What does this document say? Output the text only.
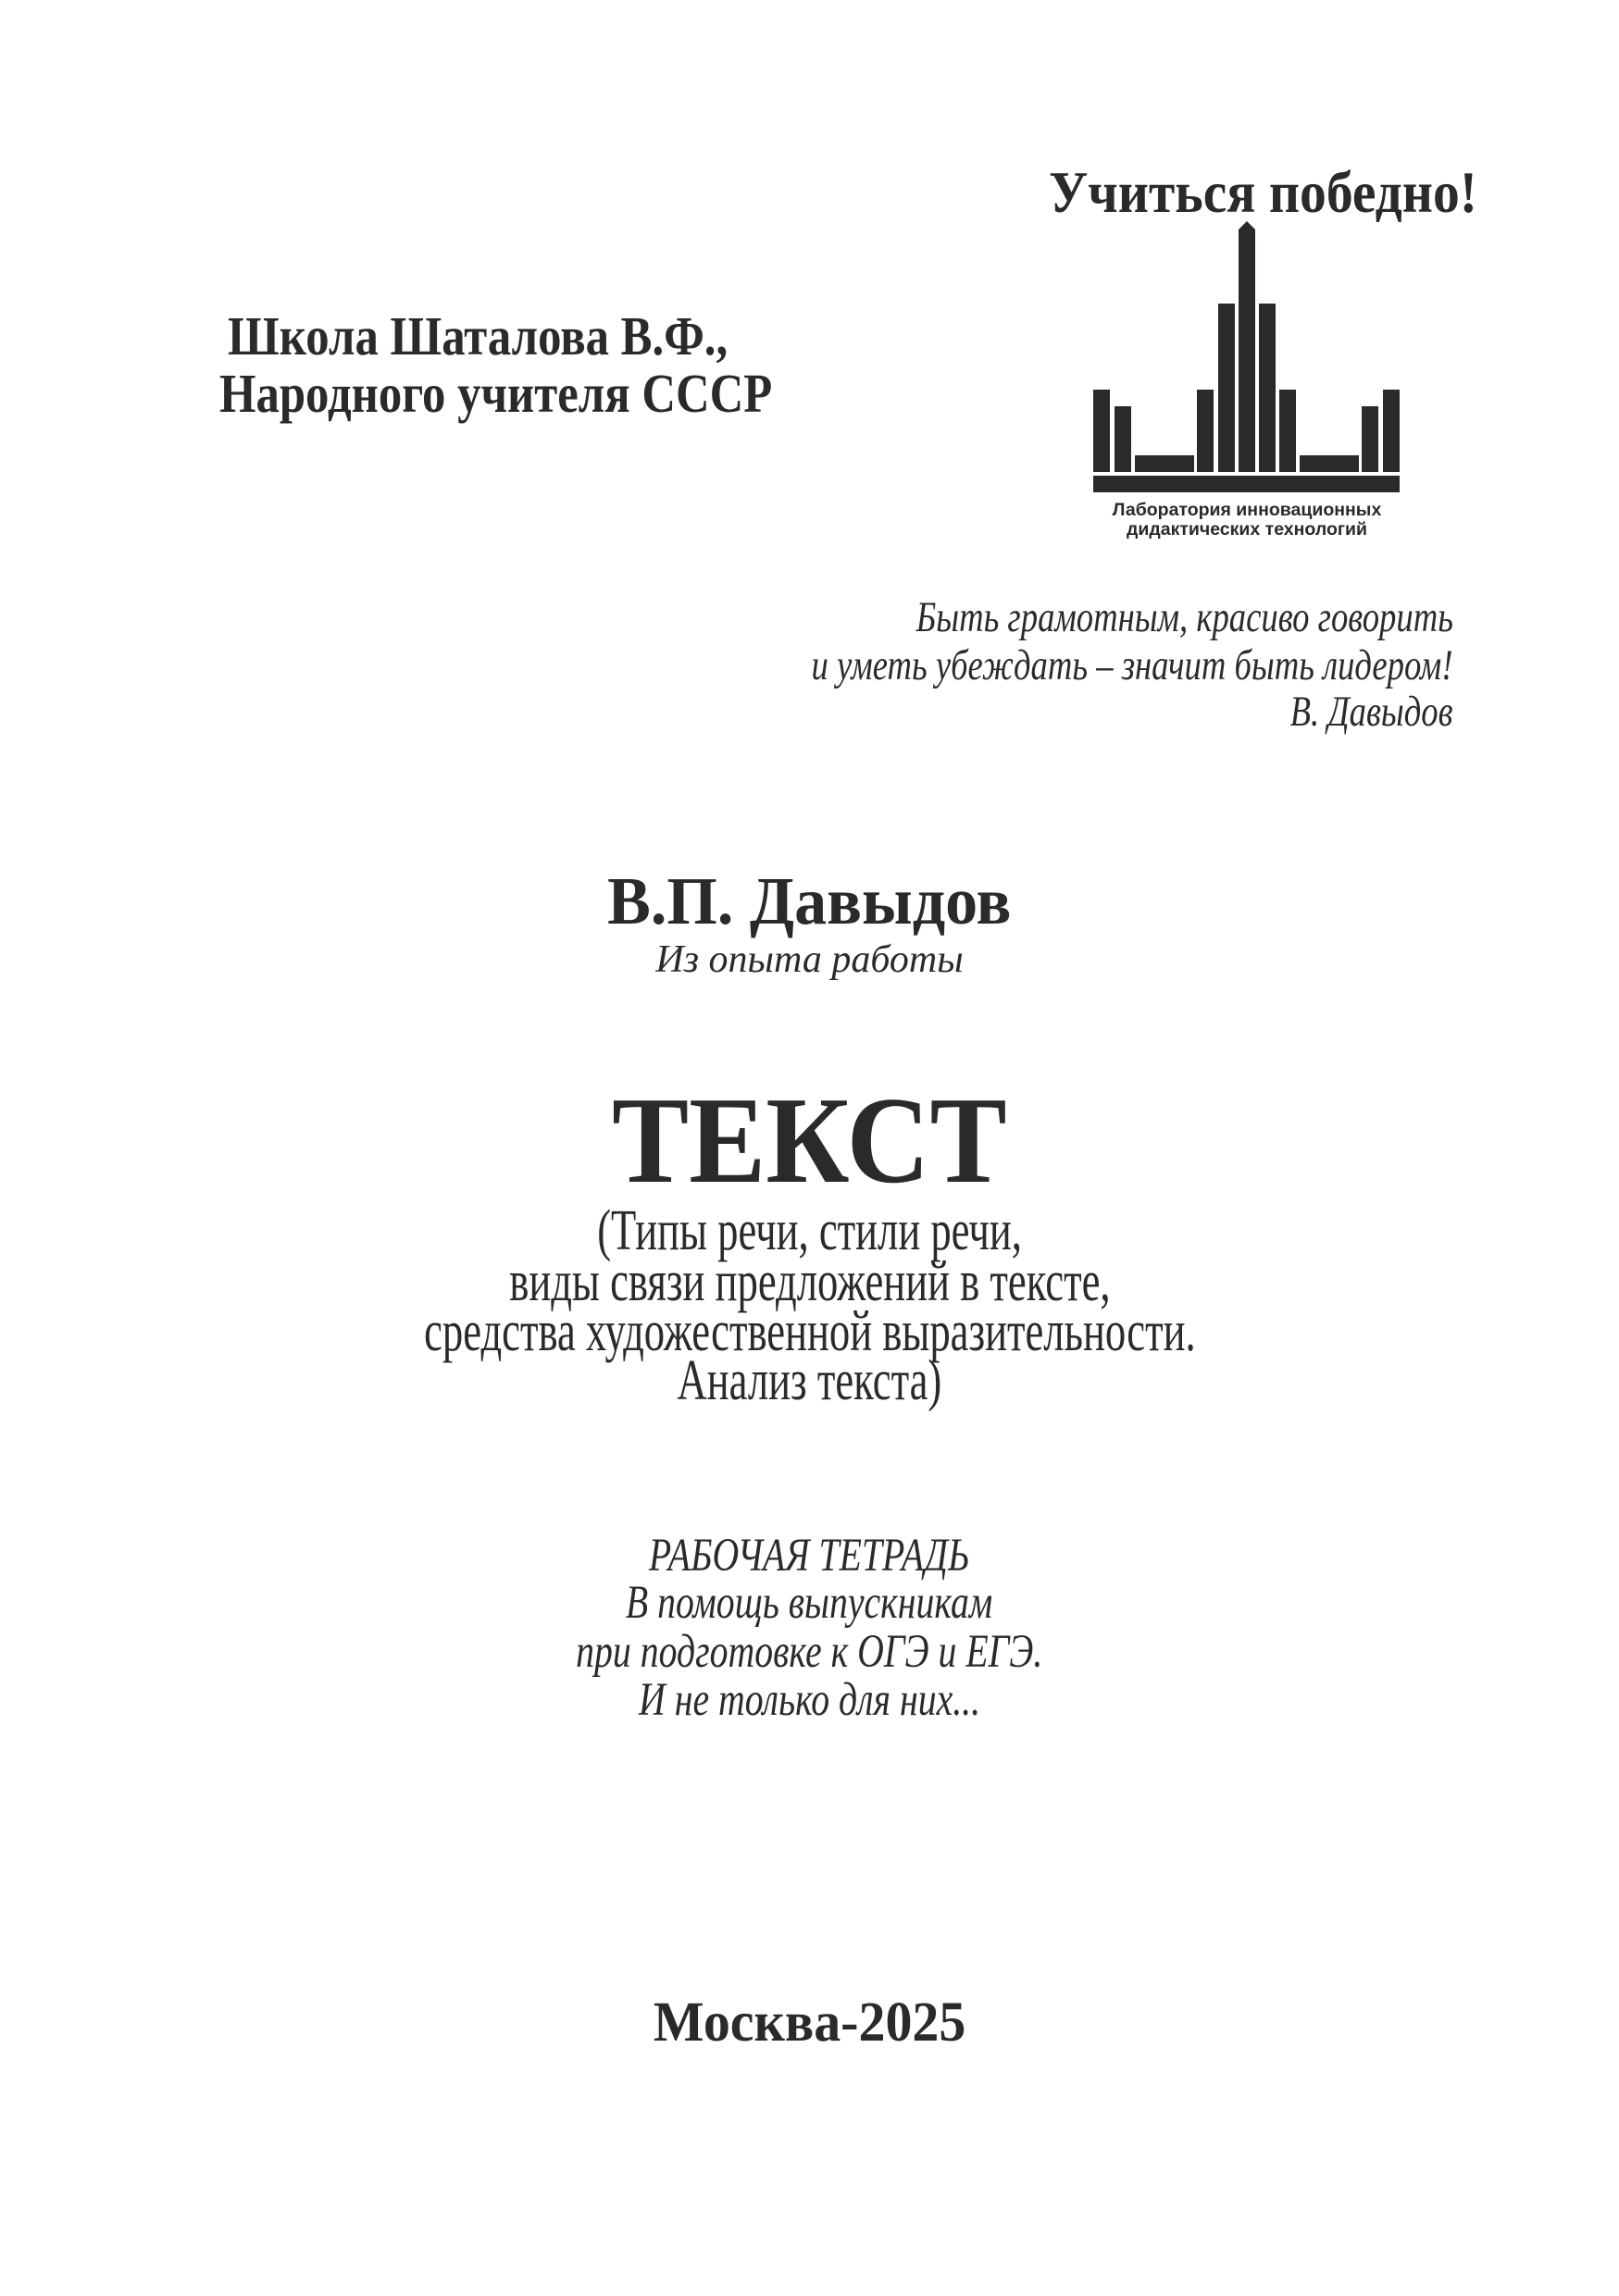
Школа Шаталова В.Ф.,
Народного учителя СССР
Учиться победно!
Лаборатория инновационных
дидактических технологий
Быть грамотным, красиво говорить
и уметь убеждать – значит быть лидером!
В. Давыдов
В.П. Давыдов
Из опыта работы
ТЕКСТ
(Типы речи, стили речи,
виды связи предложений в тексте,
средства художественной выразительности.
Анализ текста)
РАБОЧАЯ ТЕТРАДЬ
В помощь выпускникам
при подготовке к ОГЭ и ЕГЭ.
И не только для них...
Москва-2025
